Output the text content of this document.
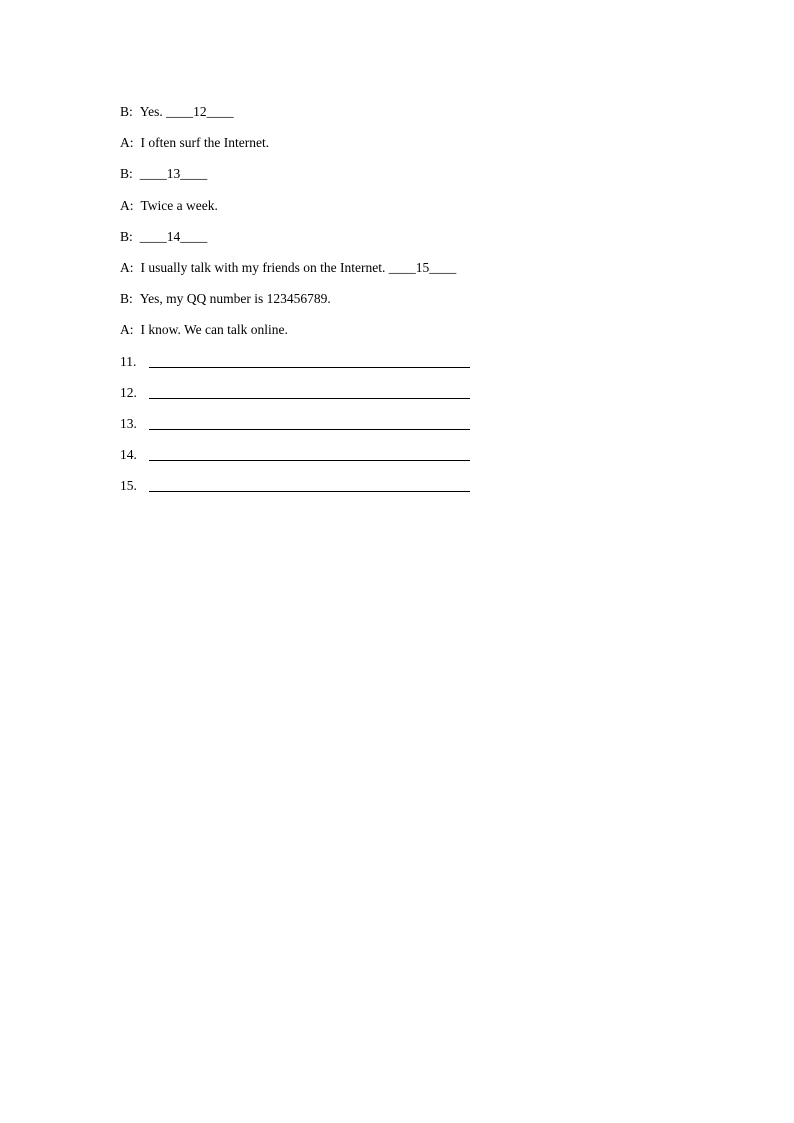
B: Yes. ____12____
A: I often surf the Internet.
B: ____13____
A: Twice a week.
B: ____14____
A: I usually talk with my friends on the Internet. ____15____
B: Yes, my QQ number is 123456789.
A: I know. We can talk online.
11.
12.
13.
14.
15.
